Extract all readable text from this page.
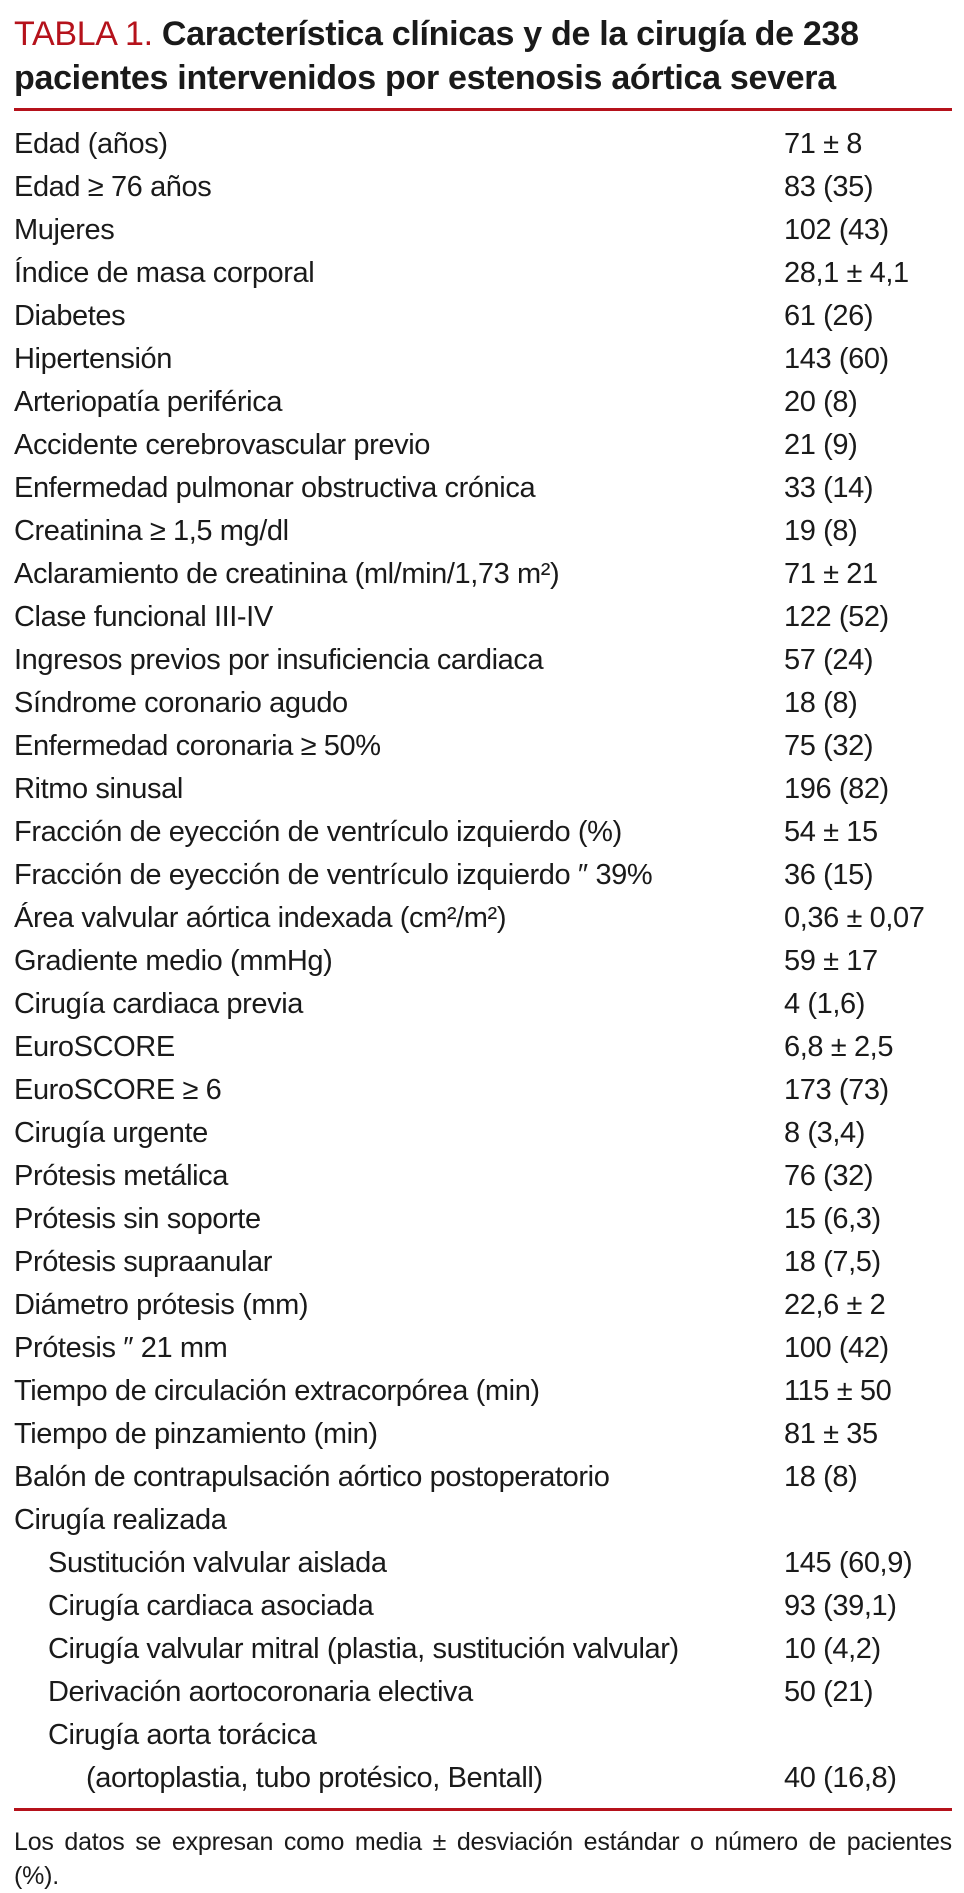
TABLA 1. Característica clínicas y de la cirugía de 238 pacientes intervenidos por estenosis aórtica severa
Edad (años)	71 ± 8
Edad ≥ 76 años	83 (35)
Mujeres	102 (43)
Índice de masa corporal	28,1 ± 4,1
Diabetes	61 (26)
Hipertensión	143 (60)
Arteriopatía periférica	20 (8)
Accidente cerebrovascular previo	21 (9)
Enfermedad pulmonar obstructiva crónica	33 (14)
Creatinina ≥ 1,5 mg/dl	19 (8)
Aclaramiento de creatinina (ml/min/1,73 m²)	71 ± 21
Clase funcional III-IV	122 (52)
Ingresos previos por insuficiencia cardiaca	57 (24)
Síndrome coronario agudo	18 (8)
Enfermedad coronaria ≥ 50%	75 (32)
Ritmo sinusal	196 (82)
Fracción de eyección de ventrículo izquierdo (%)	54 ± 15
Fracción de eyección de ventrículo izquierdo ″ 39%	36 (15)
Área valvular aórtica indexada (cm²/m²)	0,36 ± 0,07
Gradiente medio (mmHg)	59 ± 17
Cirugía cardiaca previa	4 (1,6)
EuroSCORE	6,8 ± 2,5
EuroSCORE ≥ 6	173 (73)
Cirugía urgente	8 (3,4)
Prótesis metálica	76 (32)
Prótesis sin soporte	15 (6,3)
Prótesis supraanular	18 (7,5)
Diámetro prótesis (mm)	22,6 ± 2
Prótesis ″ 21 mm	100 (42)
Tiempo de circulación extracorpórea (min)	115 ± 50
Tiempo de pinzamiento (min)	81 ± 35
Balón de contrapulsación aórtico postoperatorio	18 (8)
Cirugía realizada
Sustitución valvular aislada	145 (60,9)
Cirugía cardiaca asociada	93 (39,1)
Cirugía valvular mitral (plastia, sustitución valvular)	10 (4,2)
Derivación aortocoronaria electiva	50 (21)
Cirugía aorta torácica
(aortoplastia, tubo protésico, Bentall)	40 (16,8)
Los datos se expresan como media ± desviación estándar o número de pacientes (%).
